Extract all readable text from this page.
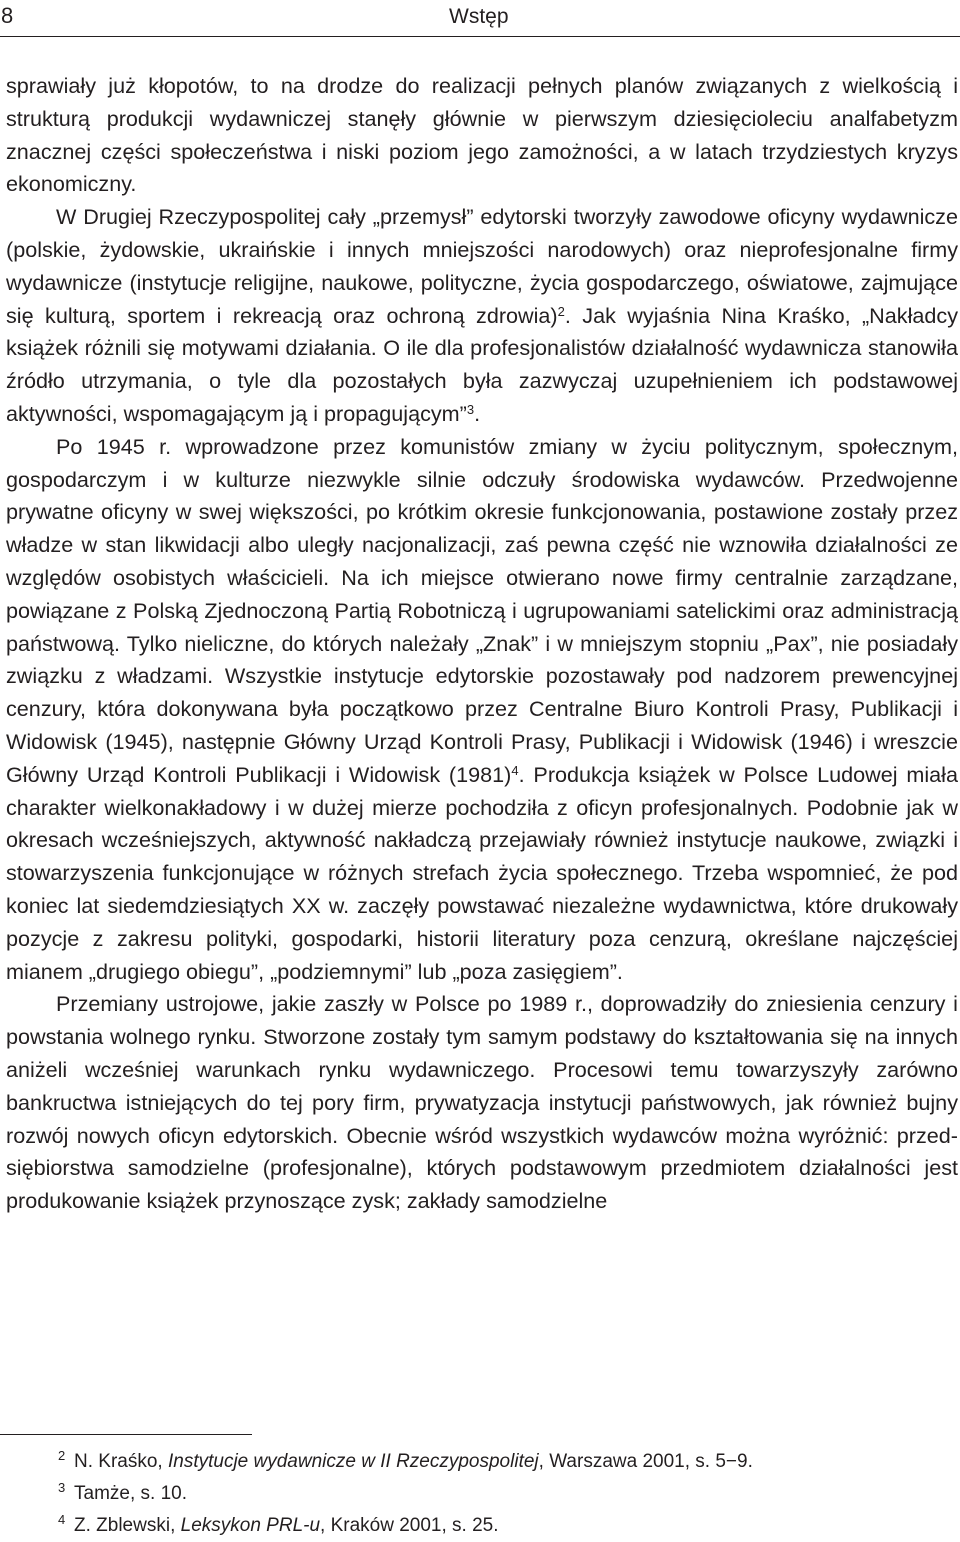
8	Wstęp

sprawiały już kłopotów, to na drodze do realizacji pełnych planów związanych z wielkością i strukturą produkcji wydawniczej stanęły głównie w pierwszym dziesięcioleciu analfabetyzm znacznej części społeczeństwa i niski poziom jego zamożności, a w latach trzydziestych kryzys ekonomiczny.

W Drugiej Rzeczypospolitej cały „przemysł” edytorski tworzyły zawodowe oficyny wydawnicze (polskie, żydowskie, ukraińskie i innych mniejszości narodowych) oraz nieprofesjonalne firmy wydawnicze (instytucje religijne, naukowe, polityczne, życia gospodarczego, oświatowe, zajmujące się kulturą, sportem i rekreacją oraz ochroną zdrowia)$^2$. Jak wyjaśnia Nina Kraśko, „Nakładcy książek różnili się motywami działania. O ile dla profesjonalistów działalność wydawnicza stanowiła źródło utrzymania, o tyle dla pozostałych była zazwyczaj uzupełnieniem ich podstawowej aktywności, wspomagającym ją i propagującym”$^3$.

Po 1945 r. wprowadzone przez komunistów zmiany w życiu politycznym, społecznym, gospodarczym i w kulturze niezwykle silnie odczuły środowiska wydawców. Przedwojenne prywatne oficyny w swej większości, po krótkim okresie funkcjonowania, postawione zostały przez władze w stan likwidacji albo uległy nacjonalizacji, zaś pewna część nie wznowiła działalności ze względów osobistych właścicieli. Na ich miejsce otwierano nowe firmy centralnie zarządzane, powiązane z Polską Zjednoczoną Partią Robotniczą i ugrupowaniami satelickimi oraz administracją państwową. Tylko nieliczne, do których należały „Znak” i w mniejszym stopniu „Pax”, nie posiadały związku z władzami. Wszystkie instytucje edytorskie pozostawały pod nadzorem prewencyjnej cenzury, która dokonywana była początkowo przez Centralne Biuro Kontroli Prasy, Publikacji i Widowisk (1945), następnie Główny Urząd Kontroli Prasy, Publikacji i Widowisk (1946) i wreszcie Główny Urząd Kontroli Publikacji i Widowisk $(1981)^4$. Produkcja książek w Polsce Ludowej miała charakter wielkonakładowy i w dużej mierze pochodziła z oficyn profesjonalnych. Podobnie jak w okresach wcześniejszych, aktywność nakładczą przejawiały również instytucje naukowe, związki i stowarzyszenia funkcjonujące w różnych strefach życia społecznego. Trzeba wspomnieć, że pod koniec lat siedemdziesiątych XX w. zaczęły powstawać niezależne wydawnictwa, które drukowały pozycje z zakresu polityki, gospodarki, historii literatury poza cenzurą, określane najczęściej mianem „drugiego obiegu”, „podziemnymi” lub „poza zasięgiem”.

Przemiany ustrojowe, jakie zaszły w Polsce po 1989 r., doprowadziły do zniesienia cenzury i powstania wolnego rynku. Stworzone zostały tym samym podstawy do kształtowania się na innych aniżeli wcześniej warunkach rynku wydawniczego. Procesowi temu towarzyszyły zarówno bankructwa istniejących do tej pory firm, prywatyzacja instytucji państwowych, jak również bujny rozwój nowych oficyn edytorskich. Obecnie wśród wszystkich wydawców można wyróżnić: przedsiębiorstwa samodzielne (profesjonalne), których podstawowym przedmiotem działalności jest produkowanie książek przynoszące zysk; zakłady samodzielne

2 N. Kraśko, Instytucje wydawnicze w II Rzeczypospolitej, Warszawa 2001, s. 5−9.
3 Tamże, s. 10.
4 Z. Zblewski, Leksykon PRL-u, Kraków 2001, s. 25.
